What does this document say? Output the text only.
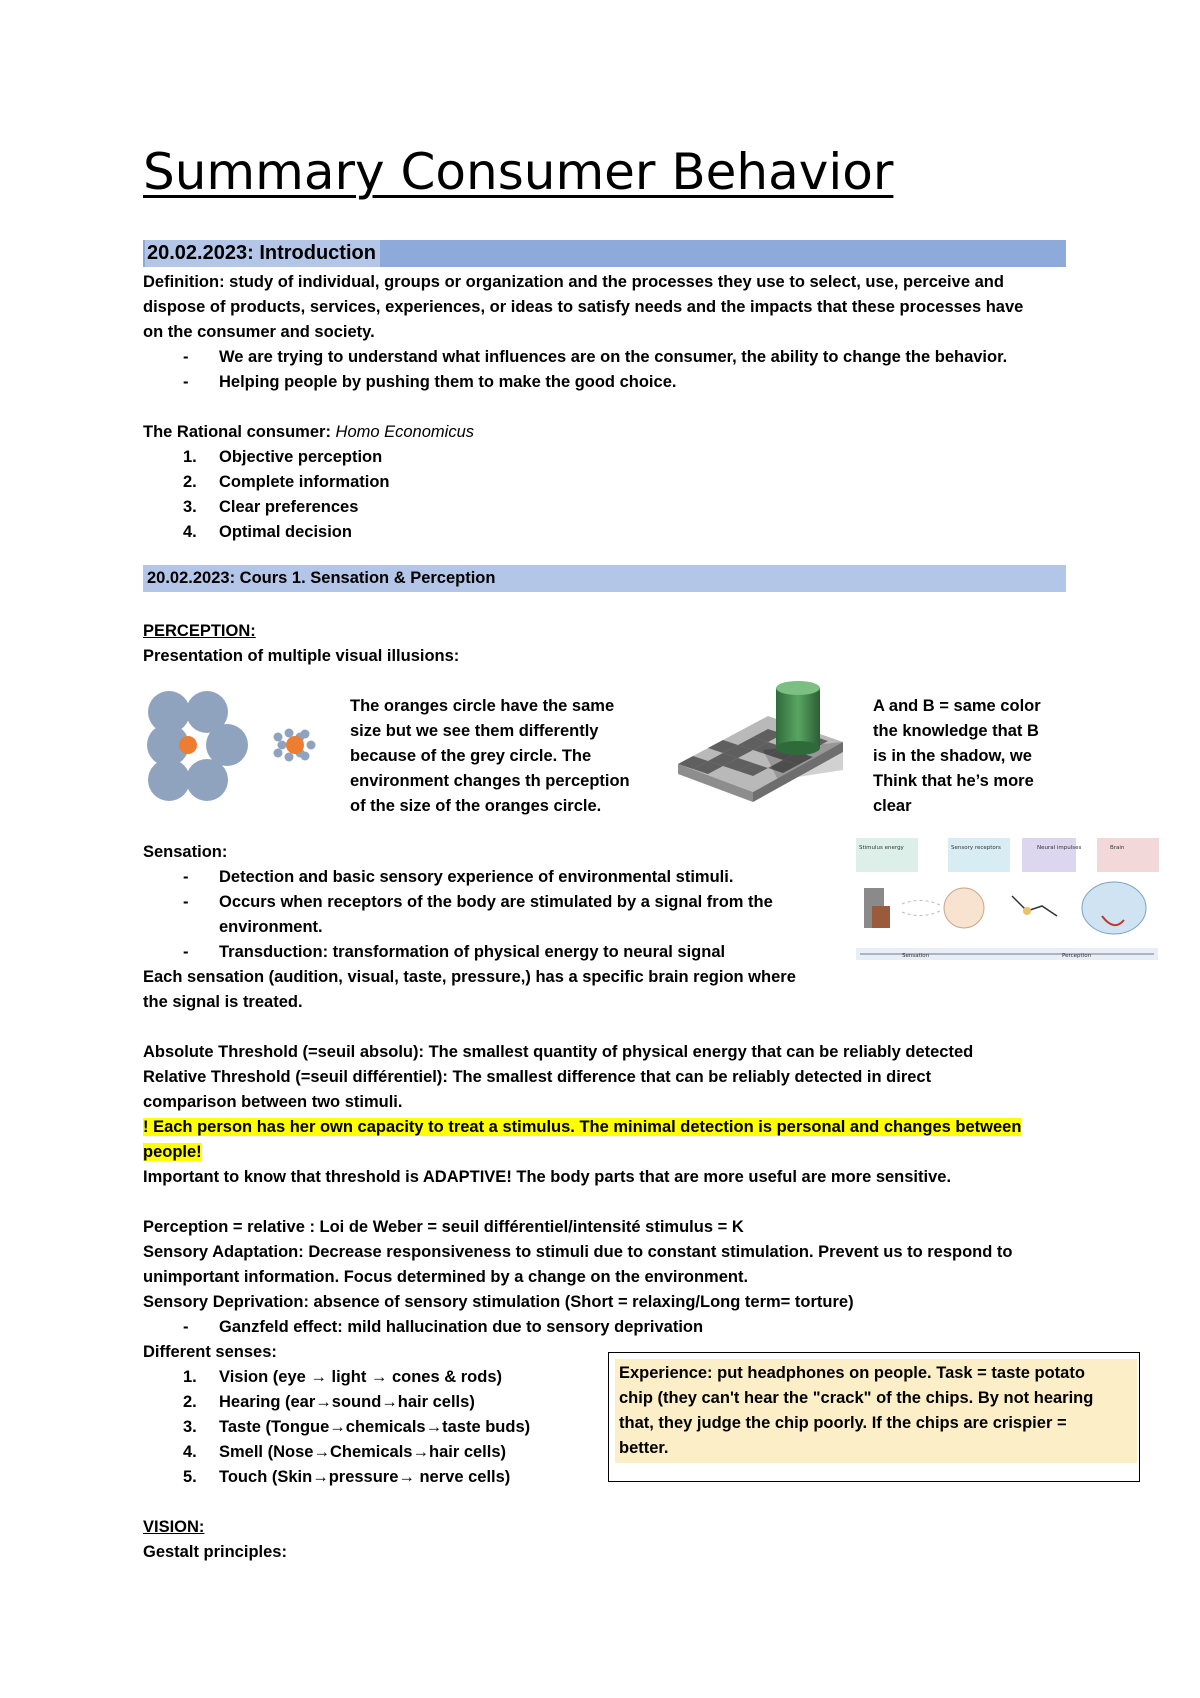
Summary Consumer Behavior
20.02.2023: Introduction
Definition: study of individual, groups or organization and the processes they use to select, use, perceive and
dispose of products, services, experiences, or ideas to satisfy needs and the impacts that these processes have
on the consumer and society.
- We are trying to understand what influences are on the consumer, the ability to change the behavior.
- Helping people by pushing them to make the good choice.
The Rational consumer: Homo Economicus
1. Objective perception
2. Complete information
3. Clear preferences
4. Optimal decision
20.02.2023: Cours 1. Sensation & Perception
PERCEPTION:
Presentation of multiple visual illusions:
The oranges circle have the same
size but we see them differently
because of the grey circle. The
environment changes th perception
of the size of the oranges circle.
A and B = same color
the knowledge that B
is in the shadow, we
Think that he’s more
clear
Sensation:
- Detection and basic sensory experience of environmental stimuli.
- Occurs when receptors of the body are stimulated by a signal from the
environment.
- Transduction: transformation of physical energy to neural signal
Each sensation (audition, visual, taste, pressure,) has a specific brain region where
the signal is treated.
Stimulus energy	Sensory receptors	Neural impulses	Brain
Sensation	Perception
Absolute Threshold (=seuil absolu): The smallest quantity of physical energy that can be reliably detected
Relative Threshold (=seuil différentiel): The smallest difference that can be reliably detected in direct
comparison between two stimuli.
! Each person has her own capacity to treat a stimulus. The minimal detection is personal and changes between
people!
Important to know that threshold is ADAPTIVE! The body parts that are more useful are more sensitive.
Perception = relative : Loi de Weber = seuil différentiel/intensité stimulus = K
Sensory Adaptation: Decrease responsiveness to stimuli due to constant stimulation. Prevent us to respond to
unimportant information. Focus determined by a change on the environment.
Sensory Deprivation: absence of sensory stimulation (Short = relaxing/Long term= torture)
- Ganzfeld effect: mild hallucination due to sensory deprivation
Different senses:
1. Vision (eye → light → cones & rods)
2. Hearing (ear→sound→hair cells)
3. Taste (Tongue→chemicals→taste buds)
4. Smell (Nose→Chemicals→hair cells)
5. Touch (Skin→pressure→ nerve cells)
Experience: put headphones on people. Task = taste potato
chip (they can't hear the "crack" of the chips. By not hearing
that, they judge the chip poorly. If the chips are crispier =
better.
VISION:
Gestalt principles:
